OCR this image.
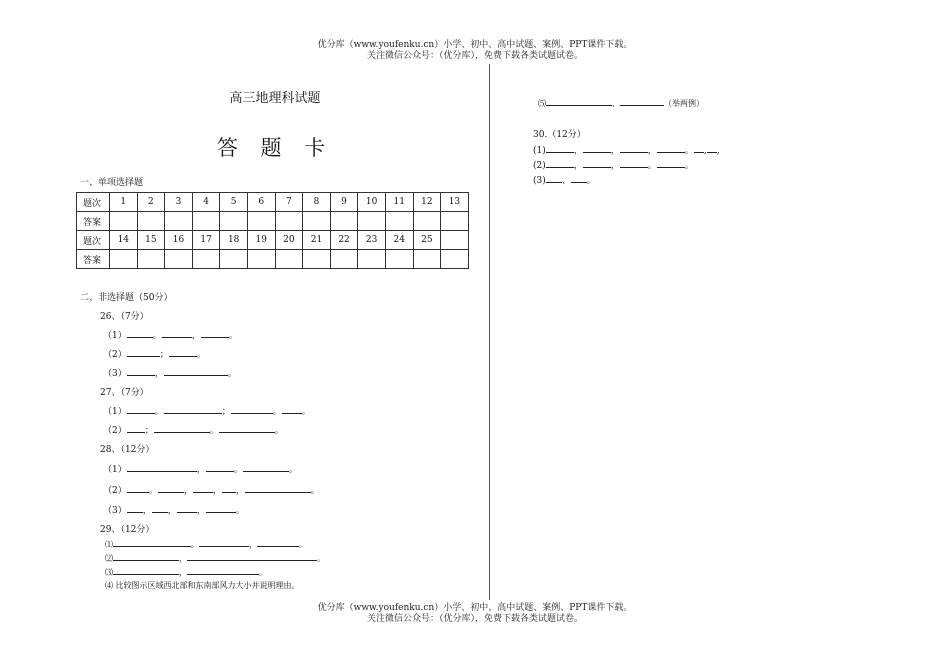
优分库（www.youfenku.cn）小学、初中、高中试题、案例、PPT课件下载。
关注微信公众号：（优分库），免费下载各类试题试卷。
高三地理科试题
答 题 卡
一、单项选择题
题次	1	2	3	4	5	6	7	8	9	10	11	12	13
答案													
题次	14	15	16	17	18	19	20	21	22	23	24	25	
答案													
二、非选择题（50分）
26、（7分）
（1）	。	，	。
（2）	；	。
（3）	，	。
27、（7分）
（1）	。	；	。 。
（2） ；	。	。
28、（12分）
（1）	，	。	。
（2） 。	， ， ，	。
（3） ， ， ，	。
29、（12分）
⑴	。	，	。
⑵	，	。
⑶	，	。
⑷ 比较图示区域西北部和东南部风力大小并说明理由。
⑸	、	（举两例）
30.（12分）
(1)	，	，	，	。 , ,
(2)	，	，	。	。
(3) 、 。
优分库（www.youfenku.cn）小学、初中、高中试题、案例、PPT课件下载。
关注微信公众号：（优分库），免费下载各类试题试卷。
